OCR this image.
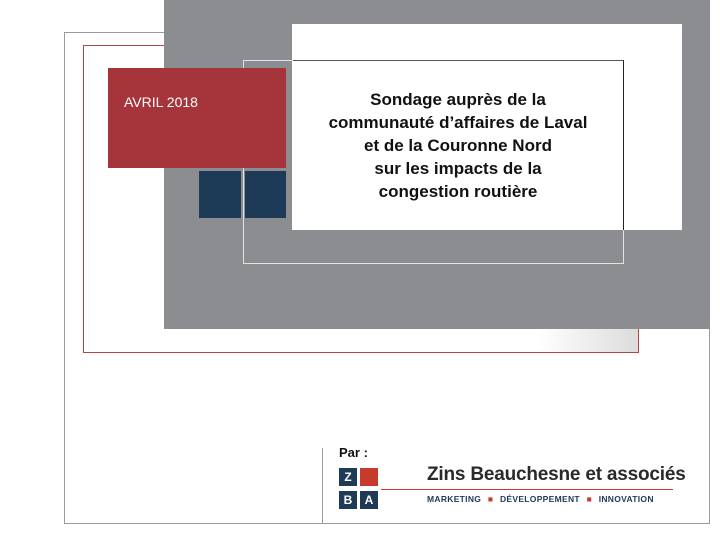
Sondage auprès de la
communauté d’affaires de Laval
et de la Couronne Nord
sur les impacts de la
congestion routière
AVRIL 2018
Par :
Z
B	A
Zins Beauchesne et associés
MARKETING ■ DÉVELOPPEMENT ■ INNOVATION
